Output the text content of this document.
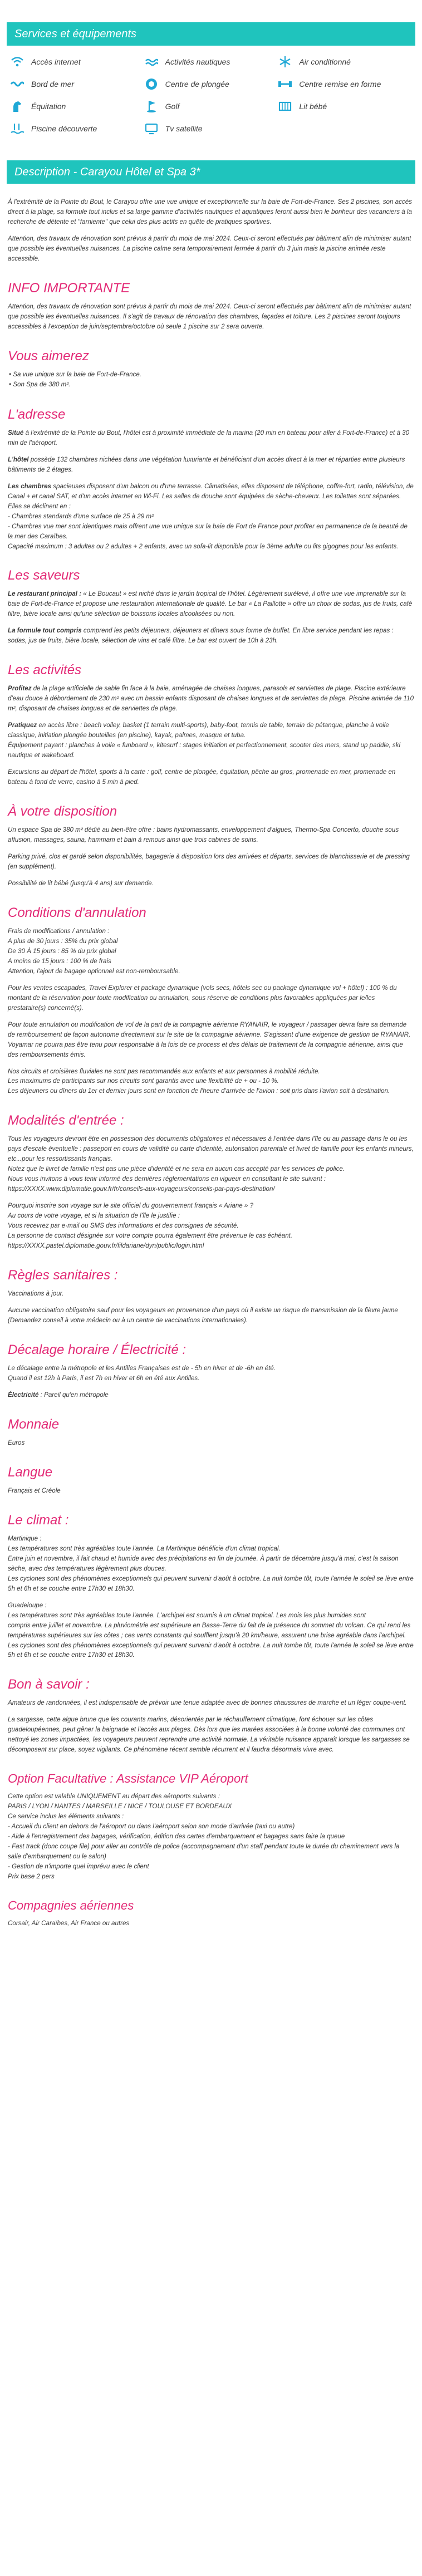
Services et équipements
Accès internet	Activités nautiques	Air conditionné
Bord de mer	Centre de plongée	Centre remise en forme
Équitation	Golf	Lit bébé
Piscine découverte	Tv satellite
Description - Carayou Hôtel et Spa 3*

À l'extrémité de la Pointe du Bout, le Carayou offre une vue unique et exceptionnelle sur la baie de Fort-de-France. Ses 2 piscines, son accès direct à la plage, sa formule tout inclus et sa large gamme d'activités nautiques et aquatiques feront aussi bien le bonheur des vacanciers à la recherche de détente et "farniente" que celui des plus actifs en quête de pratiques sportives.

Attention, des travaux de rénovation sont prévus à partir du mois de mai 2024. Ceux-ci seront effectués par bâtiment afin de minimiser autant que possible les éventuelles nuisances. La piscine calme sera temporairement fermée à partir du 3 juin mais la piscine animée reste accessible.

INFO IMPORTANTE

Attention, des travaux de rénovation sont prévus à partir du mois de mai 2024. Ceux-ci seront effectués par bâtiment afin de minimiser autant que possible les éventuelles nuisances. Il s'agit de travaux de rénovation des chambres, façades et toiture. Les 2 piscines seront toujours accessibles à l'exception de juin/septembre/octobre où seule 1 piscine sur 2 sera ouverte.

Vous aimerez
• Sa vue unique sur la baie de Fort-de-France.
• Son Spa de 380 m².
L'adresse

Situé à l'extrémité de la Pointe du Bout, l'hôtel est à proximité immédiate de la marina (20 min en bateau pour aller à Fort-de-France) et à 30 min de l'aéroport.

L'hôtel possède 132 chambres nichées dans une végétation luxuriante et bénéficiant d'un accès direct à la mer et réparties entre plusieurs bâtiments de 2 étages.

Les chambres spacieuses disposent d'un balcon ou d'une terrasse. Climatisées, elles disposent de téléphone, coffre-fort, radio, télévision, de Canal + et canal SAT, et d'un accès internet en Wi-Fi. Les salles de douche sont équipées de sèche-cheveux. Les toilettes sont séparées.
Elles se déclinent en :
- Chambres standards d'une surface de 25 à 29 m²
- Chambres vue mer sont identiques mais offrent une vue unique sur la baie de Fort de France pour profiter en permanence de la beauté de la mer des Caraïbes.
Capacité maximum : 3 adultes ou 2 adultes + 2 enfants, avec un sofa-lit disponible pour le 3ème adulte ou lits gigognes pour les enfants.

Les saveurs

Le restaurant principal : « Le Boucaut » est niché dans le jardin tropical de l'hôtel. Légèrement surélevé, il offre une vue imprenable sur la baie de Fort-de-France et propose une restauration internationale de qualité. Le bar « La Paillotte » offre un choix de sodas, jus de fruits, café filtre, bière locale ainsi qu'une sélection de boissons locales alcoolisées ou non.

La formule tout compris comprend les petits déjeuners, déjeuners et dîners sous forme de buffet. En libre service pendant les repas : sodas, jus de fruits, bière locale, sélection de vins et café filtre. Le bar est ouvert de 10h à 23h.

Les activités

Profitez de la plage artificielle de sable fin face à la baie, aménagée de chaises longues, parasols et serviettes de plage. Piscine extérieure d'eau douce à débordement de 230 m² avec un bassin enfants disposant de chaises longues et de serviettes de plage. Piscine animée de 110 m², disposant de chaises longues et de serviettes de plage.

Pratiquez en accès libre : beach volley, basket (1 terrain multi-sports), baby-foot, tennis de table, terrain de pétanque, planche à voile classique, initiation plongée bouteilles (en piscine), kayak, palmes, masque et tuba.
Équipement payant : planches à voile « funboard », kitesurf : stages initiation et perfectionnement, scooter des mers, stand up paddle, ski nautique et wakeboard.

Excursions au départ de l'hôtel, sports à la carte : golf, centre de plongée, équitation, pêche au gros, promenade en mer, promenade en bateau à fond de verre, casino à 5 min à pied.

À votre disposition

Un espace Spa de 380 m² dédié au bien-être offre : bains hydromassants, enveloppement d'algues, Thermo-Spa Concerto, douche sous affusion, massages, sauna, hammam et bain à remous ainsi que trois cabines de soins.

Parking privé, clos et gardé selon disponibilités, bagagerie à disposition lors des arrivées et départs, services de blanchisserie et de pressing (en supplément).

Possibilité de lit bébé (jusqu'à 4 ans) sur demande.

Conditions d'annulation

Frais de modifications / annulation :
A plus de 30 jours : 35% du prix global
De 30 À 15 jours : 85 % du prix global
A moins de 15 jours : 100 % de frais
Attention, l'ajout de bagage optionnel est non-remboursable.

Pour les ventes escapades, Travel Explorer et package dynamique (vols secs, hôtels sec ou package dynamique vol + hôtel) : 100 % du montant de la réservation pour toute modification ou annulation, sous réserve de conditions plus favorables appliquées par le/les prestataire(s) concerné(s).

Pour toute annulation ou modification de vol de la part de la compagnie aérienne RYANAIR, le voyageur / passager devra faire sa demande de remboursement de façon autonome directement sur le site de la compagnie aérienne. S'agissant d'une exigence de gestion de RYANAIR, Voyamar ne pourra pas être tenu pour responsable à la fois de ce process et des délais de traitement de la compagnie aérienne, ainsi que des remboursements émis.

Nos circuits et croisières fluviales ne sont pas recommandés aux enfants et aux personnes à mobilité réduite.
Les maximums de participants sur nos circuits sont garantis avec une flexibilité de + ou - 10 %.
Les déjeuners ou dîners du 1er et dernier jours sont en fonction de l'heure d'arrivée de l'avion : soit pris dans l'avion soit à destination.

Modalités d'entrée :

Tous les voyageurs devront être en possession des documents obligatoires et nécessaires à l'entrée dans l'île ou au passage dans le ou les pays d'escale éventuelle : passeport en cours de validité ou carte d'identité, autorisation parentale et livret de famille pour les enfants mineurs, etc...pour les ressortissants français.
Notez que le livret de famille n'est pas une pièce d'identité et ne sera en aucun cas accepté par les services de police.
Nous vous invitons à vous tenir informé des dernières réglementations en vigueur en consultant le site suivant : https://XXXX.www.diplomatie.gouv.fr/fr/conseils-aux-voyageurs/conseils-par-pays-destination/

Pourquoi inscrire son voyage sur le site officiel du gouvernement français « Ariane » ?
Au cours de votre voyage, et si la situation de l'île le justifie :
Vous recevrez par e-mail ou SMS des informations et des consignes de sécurité.
La personne de contact désignée sur votre compte pourra également être prévenue le cas échéant.
https://XXXX.pastel.diplomatie.gouv.fr/fildariane/dyn/public/login.html

Règles sanitaires :

Vaccinations à jour.

Aucune vaccination obligatoire sauf pour les voyageurs en provenance d'un pays où il existe un risque de transmission de la fièvre jaune (Demandez conseil à votre médecin ou à un centre de vaccinations internationales).

Décalage horaire / Électricité :

Le décalage entre la métropole et les Antilles Françaises est de - 5h en hiver et de -6h en été.
Quand il est 12h à Paris, il est 7h en hiver et 6h en été aux Antilles.

Électricité : Pareil qu'en métropole

Monnaie

Euros

Langue

Français et Créole

Le climat :

Martinique :
Les températures sont très agréables toute l'année. La Martinique bénéficie d'un climat tropical.
Entre juin et novembre, il fait chaud et humide avec des précipitations en fin de journée. À partir de décembre jusqu'à mai, c'est la saison sèche, avec des températures légèrement plus douces.
Les cyclones sont des phénomènes exceptionnels qui peuvent survenir d'août à octobre. La nuit tombe tôt, toute l'année le soleil se lève entre 5h et 6h et se couche entre 17h30 et 18h30.

Guadeloupe :
Les températures sont très agréables toute l'année. L'archipel est soumis à un climat tropical. Les mois les plus humides sont
compris entre juillet et novembre. La pluviométrie est supérieure en Basse-Terre du fait de la présence du sommet du volcan. Ce qui rend les températures supérieures sur les côtes ; ces vents constants qui soufflent jusqu'à 20 km/heure, assurent une brise agréable dans l'archipel.
Les cyclones sont des phénomènes exceptionnels qui peuvent survenir d'août à octobre. La nuit tombe tôt, toute l'année le soleil se lève entre 5h et 6h et se couche entre 17h30 et 18h30.

Bon à savoir :

Amateurs de randonnées, il est indispensable de prévoir une tenue adaptée avec de bonnes chaussures de marche et un léger coupe-vent.

La sargasse, cette algue brune que les courants marins, désorientés par le réchauffement climatique, font échouer sur les côtes guadeloupéennes, peut gêner la baignade et l'accès aux plages. Dès lors que les marées associées à la bonne volonté des communes ont nettoyé les zones impactées, les voyageurs peuvent reprendre une activité normale. La véritable nuisance apparaît lorsque les sargasses se décomposent sur place, soyez vigilants. Ce phénomène récent semble récurrent et il faudra désormais vivre avec.

Option Facultative : Assistance VIP Aéroport

Cette option est valable UNIQUEMENT au départ des aéroports suivants :
PARIS / LYON / NANTES / MARSEILLE / NICE / TOULOUSE ET BORDEAUX
Ce service inclus les éléments suivants :
- Accueil du client en dehors de l'aéroport ou dans l'aéroport selon son mode d'arrivée (taxi ou autre)
- Aide à l'enregistrement des bagages, vérification, édition des cartes d'embarquement et bagages sans faire la queue
- Fast track (donc coupe file) pour aller au contrôle de police (accompagnement d'un staff pendant toute la durée du cheminement vers la salle d'embarquement ou le salon)
- Gestion de n'importe quel imprévu avec le client
Prix base 2 pers

Compagnies aériennes

Corsair, Air Caraïbes, Air France ou autres
